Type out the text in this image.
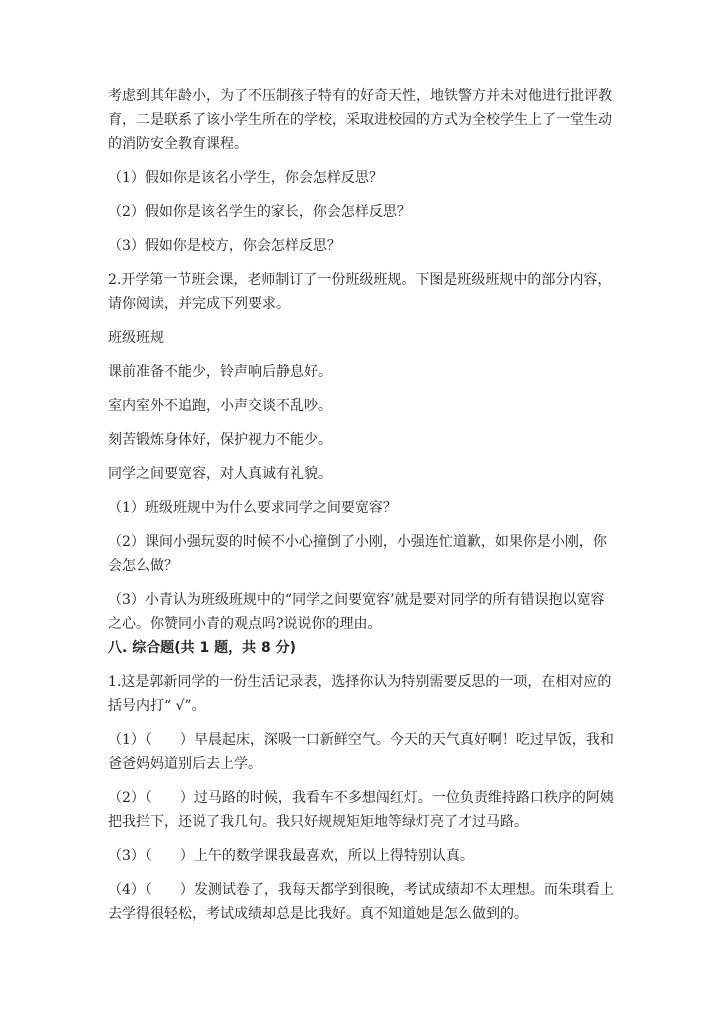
考虑到其年龄小，为了不压制孩子特有的好奇天性，地铁警方并未对他进行批评教育，二是联系了该小学生所在的学校，采取进校园的方式为全校学生上了一堂生动的消防安全教育课程。

（1）假如你是该名小学生，你会怎样反思？

（2）假如你是该名学生的家长，你会怎样反思？

（3）假如你是校方，你会怎样反思？

2.开学第一节班会课，老师制订了一份班级班规。下图是班级班规中的部分内容，请你阅读，并完成下列要求。

班级班规

课前准备不能少，铃声响后静息好。

室内室外不追跑，小声交谈不乱吵。

刻苦锻炼身体好，保护视力不能少。

同学之间要宽容，对人真诚有礼貌。

（1）班级班规中为什么要求同学之间要宽容？

（2）课间小强玩耍的时候不小心撞倒了小刚，小强连忙道歉，如果你是小刚，你会怎么做？

（3）小青认为班级班规中的“同学之间要宽容’就是要对同学的所有错误抱以宽容之心。你赞同小青的观点吗?说说你的理由。

八. 综合题(共 1 题，共 8 分)

1.这是郭新同学的一份生活记录表，选择你认为特别需要反思的一项，在相对应的括号内打“ √”。

（1）（　　）早晨起床，深吸一口新鲜空气。今天的天气真好啊！吃过早饭，我和爸爸妈妈道别后去上学。

（2）（　　）过马路的时候，我看车不多想闯红灯。一位负责维持路口秩序的阿姨把我拦下，还说了我几句。我只好规规矩矩地等绿灯亮了才过马路。

（3）（　　）上午的数学课我最喜欢，所以上得特别认真。

（4）（　　）发测试卷了，我每天都学到很晚，考试成绩却不太理想。而朱琪看上去学得很轻松，考试成绩却总是比我好。真不知道她是怎么做到的。
